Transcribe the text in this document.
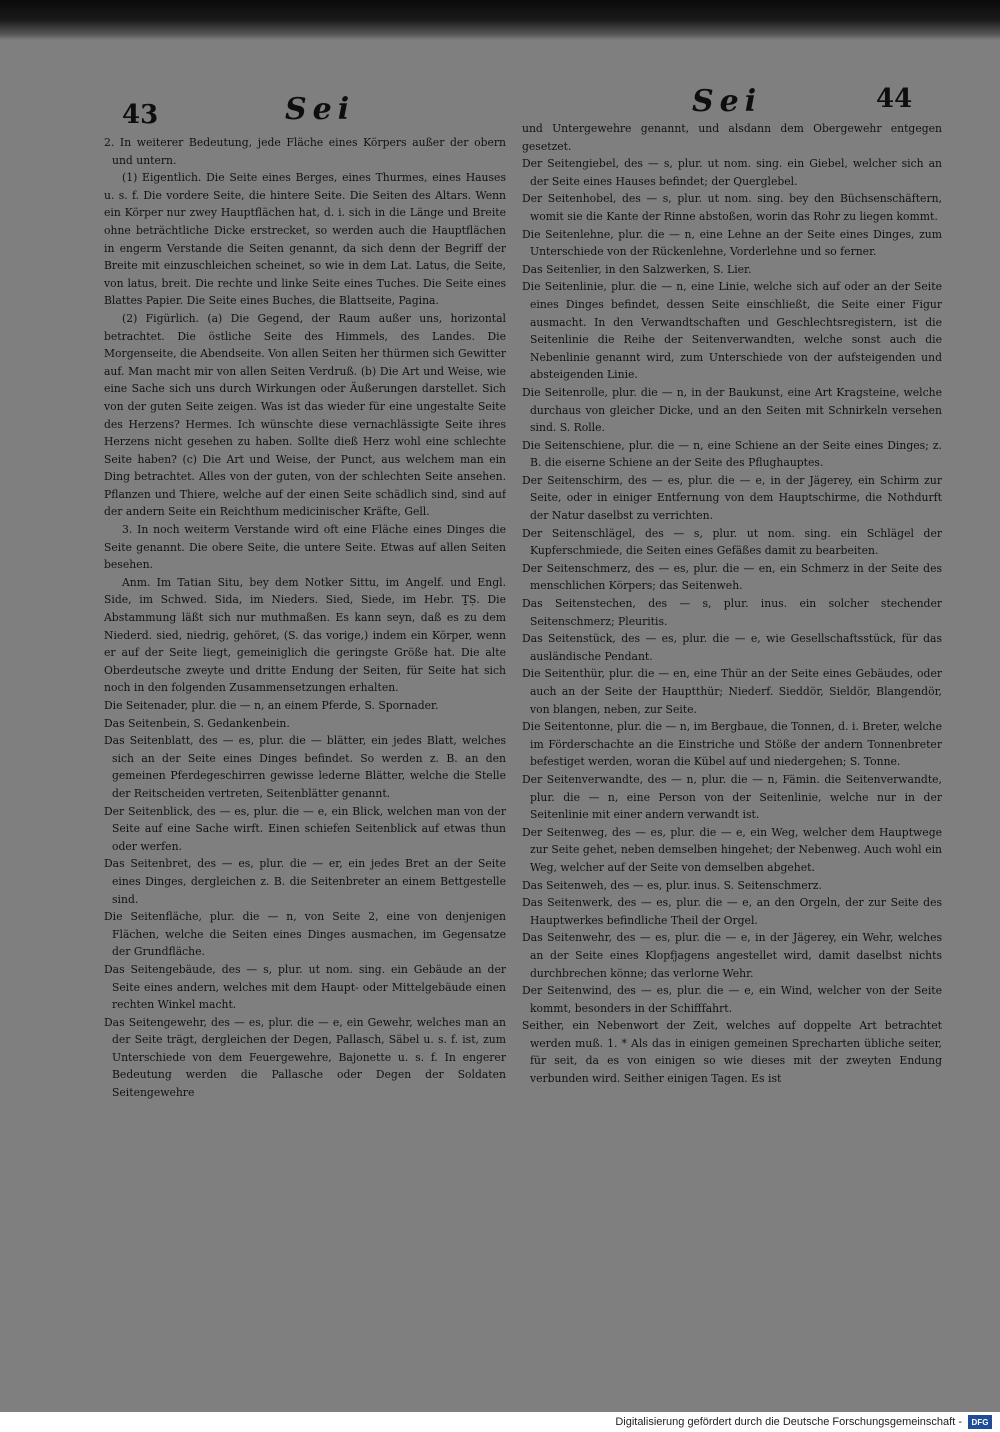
43	Sei	Sei	44

2. In weiterer Bedeutung, jede Fläche eines Körpers außer der obern und untern.

(1) Eigentlich. Die Seite eines Berges, eines Thurmes, eines Hauses u. s. f. Die vordere Seite, die hintere Seite. Die Seiten des Altars. Wenn ein Körper nur zwey Hauptflächen hat, d. i. sich in die Länge und Breite ohne beträchtliche Dicke erstrecket, so werden auch die Hauptflächen in engerm Verstande die Seiten genannt, da sich denn der Begriff der Breite mit einzuschleichen scheinet, so wie in dem Lat. Latus, die Seite, von latus, breit. Die rechte und linke Seite eines Tuches. Die Seite eines Blattes Papier. Die Seite eines Buches, die Blattseite, Pagina.

(2) Figürlich. (a) Die Gegend, der Raum außer uns, horizontal betrachtet. Die östliche Seite des Himmels, des Landes. Die Morgenseite, die Abendseite. Von allen Seiten her thürmen sich Gewitter auf. Man macht mir von allen Seiten Verdruß. (b) Die Art und Weise, wie eine Sache sich uns durch Wirkungen oder Äußerungen darstellet. Sich von der guten Seite zeigen. Was ist das wieder für eine ungestalte Seite des Herzens? Hermes. Ich wünschte diese vernachlässigte Seite ihres Herzens nicht gesehen zu haben. Sollte dieß Herz wohl eine schlechte Seite haben? (c) Die Art und Weise, der Punct, aus welchem man ein Ding betrachtet. Alles von der guten, von der schlechten Seite ansehen. Pflanzen und Thiere, welche auf der einen Seite schädlich sind, sind auf der andern Seite ein Reichthum medicinischer Kräfte, Gell.

3. In noch weiterm Verstande wird oft eine Fläche eines Dinges die Seite genannt. Die obere Seite, die untere Seite. Etwas auf allen Seiten besehen.

Anm. Im Tatian Situ, bey dem Notker Sittu, im Angelf. und Engl. Side, im Schwed. Sida, im Nieders. Sied, Siede, im Hebr. ṮṢ. Die Abstammung läßt sich nur muthmaßen. Es kann seyn, daß es zu dem Niederd. sied, niedrig, gehöret, (S. das vorige,) indem ein Körper, wenn er auf der Seite liegt, gemeiniglich die geringste Größe hat. Die alte Oberdeutsche zweyte und dritte Endung der Seiten, für Seite hat sich noch in den folgenden Zusammensetzungen erhalten.

Die Seitenader, plur. die — n, an einem Pferde, S. Spornader.

Das Seitenbein, S. Gedankenbein.

Das Seitenblatt, des — es, plur. die — blätter, ein jedes Blatt, welches sich an der Seite eines Dinges befindet. So werden z. B. an den gemeinen Pferdegeschirren gewisse lederne Blätter, welche die Stelle der Reitscheiden vertreten, Seitenblätter genannt.

Der Seitenblick, des — es, plur. die — e, ein Blick, welchen man von der Seite auf eine Sache wirft. Einen schiefen Seitenblick auf etwas thun oder werfen.

Das Seitenbret, des — es, plur. die — er, ein jedes Bret an der Seite eines Dinges, dergleichen z. B. die Seitenbreter an einem Bettgestelle sind.

Die Seitenfläche, plur. die — n, von Seite 2, eine von denjenigen Flächen, welche die Seiten eines Dinges ausmachen, im Gegensatze der Grundfläche.

Das Seitengebäude, des — s, plur. ut nom. sing. ein Gebäude an der Seite eines andern, welches mit dem Haupt- oder Mittelgebäude einen rechten Winkel macht.

Das Seitengewehr, des — es, plur. die — e, ein Gewehr, welches man an der Seite trägt, dergleichen der Degen, Pallasch, Säbel u. s. f. ist, zum Unterschiede von dem Feuergewehre, Bajonette u. s. f. In engerer Bedeutung werden die Pallasche oder Degen der Soldaten Seitengewehre

und Untergewehre genannt, und alsdann dem Obergewehr entgegen gesetzet.

Der Seitengiebel, des — s, plur. ut nom. sing. ein Giebel, welcher sich an der Seite eines Hauses befindet; der Querglebel.

Der Seitenhobel, des — s, plur. ut nom. sing. bey den Büchsenschäftern, womit sie die Kante der Rinne abstoßen, worin das Rohr zu liegen kommt.

Die Seitenlehne, plur. die — n, eine Lehne an der Seite eines Dinges, zum Unterschiede von der Rückenlehne, Vorderlehne und so ferner.

Das Seitenlier, in den Salzwerken, S. Lier.

Die Seitenlinie, plur. die — n, eine Linie, welche sich auf oder an der Seite eines Dinges befindet, dessen Seite einschließt, die Seite einer Figur ausmacht. In den Verwandtschaften und Geschlechtsregistern, ist die Seitenlinie die Reihe der Seitenverwandten, welche sonst auch die Nebenlinie genannt wird, zum Unterschiede von der aufsteigenden und absteigenden Linie.

Die Seitenrolle, plur. die — n, in der Baukunst, eine Art Kragsteine, welche durchaus von gleicher Dicke, und an den Seiten mit Schnirkeln versehen sind. S. Rolle.

Die Seitenschiene, plur. die — n, eine Schiene an der Seite eines Dinges; z. B. die eiserne Schiene an der Seite des Pflughauptes.

Der Seitenschirm, des — es, plur. die — e, in der Jägerey, ein Schirm zur Seite, oder in einiger Entfernung von dem Hauptschirme, die Nothdurft der Natur daselbst zu verrichten.

Der Seitenschlägel, des — s, plur. ut nom. sing. ein Schlägel der Kupferschmiede, die Seiten eines Gefäßes damit zu bearbeiten.

Der Seitenschmerz, des — es, plur. die — en, ein Schmerz in der Seite des menschlichen Körpers; das Seitenweh.

Das Seitenstechen, des — s, plur. inus. ein solcher stechender Seitenschmerz; Pleuritis.

Das Seitenstück, des — es, plur. die — e, wie Gesellschaftsstück, für das ausländische Pendant.

Die Seitenthür, plur. die — en, eine Thür an der Seite eines Gebäudes, oder auch an der Seite der Hauptthür; Niederf. Sieddör, Sieldör, Blangendör, von blangen, neben, zur Seite.

Die Seitentonne, plur. die — n, im Bergbaue, die Tonnen, d. i. Breter, welche im Förderschachte an die Einstriche und Stöße der andern Tonnenbreter befestiget werden, woran die Kübel auf und niedergehen; S. Tonne.

Der Seitenverwandte, des — n, plur. die — n, Fämin. die Seitenverwandte, plur. die — n, eine Person von der Seitenlinie, welche nur in der Seitenlinie mit einer andern verwandt ist.

Der Seitenweg, des — es, plur. die — e, ein Weg, welcher dem Hauptwege zur Seite gehet, neben demselben hingehet; der Nebenweg. Auch wohl ein Weg, welcher auf der Seite von demselben abgehet.

Das Seitenweh, des — es, plur. inus. S. Seitenschmerz.

Das Seitenwerk, des — es, plur. die — e, an den Orgeln, der zur Seite des Hauptwerkes befindliche Theil der Orgel.

Das Seitenwehr, des — es, plur. die — e, in der Jägerey, ein Wehr, welches an der Seite eines Klopfjagens angestellet wird, damit daselbst nichts durchbrechen könne; das verlorne Wehr.

Der Seitenwind, des — es, plur. die — e, ein Wind, welcher von der Seite kommt, besonders in der Schifffahrt.

Seither, ein Nebenwort der Zeit, welches auf doppelte Art betrachtet werden muß. 1. * Als das in einigen gemeinen Sprecharten übliche seiter, für seit, da es von einigen so wie dieses mit der zweyten Endung verbunden wird. Seither einigen Tagen. Es ist

Digitalisierung gefördert durch die Deutsche Forschungsgemeinschaft -	DFG
